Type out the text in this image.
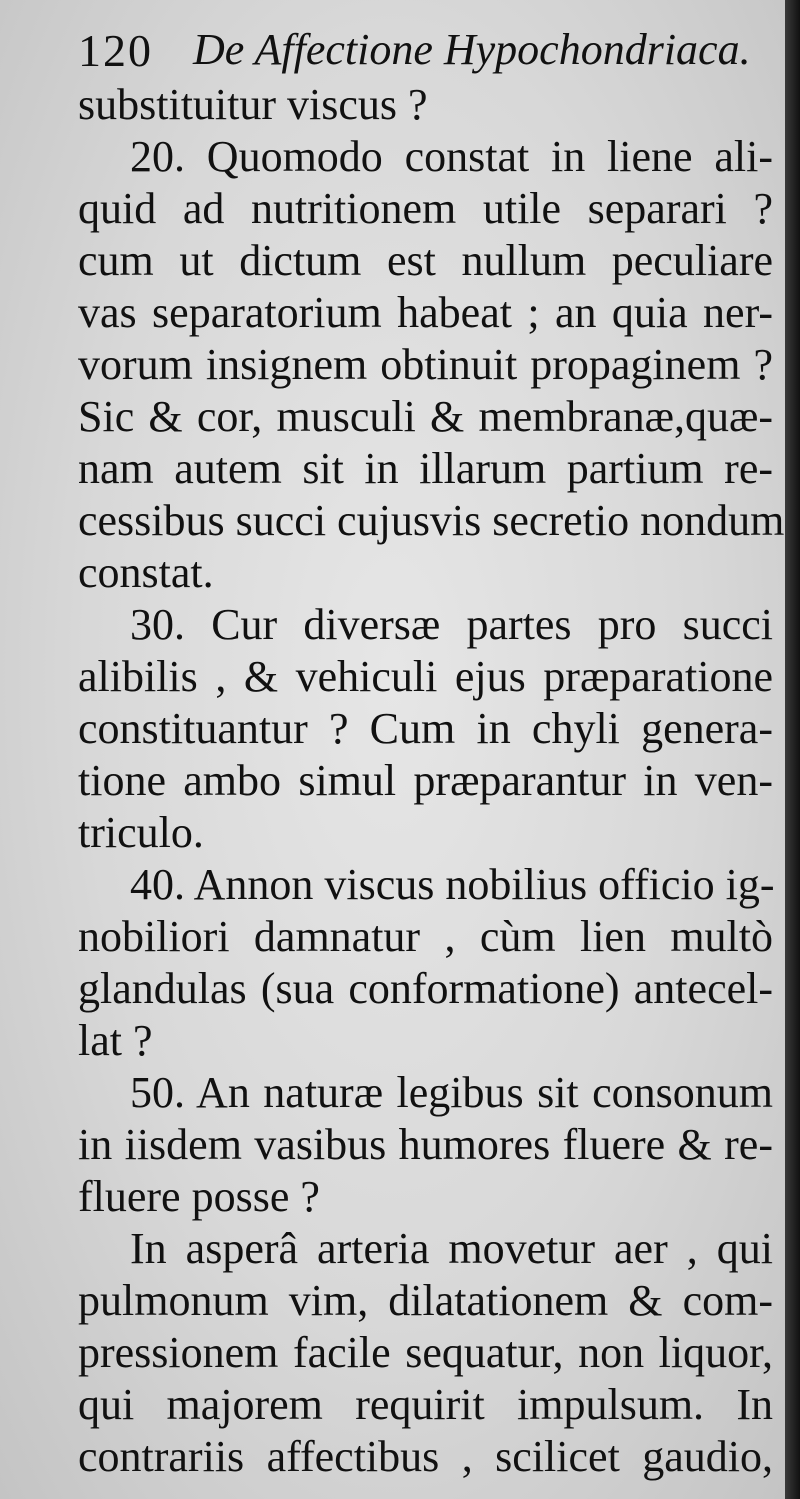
120 De Affectione Hypochondriaca.
substituitur viscus ?
20. Quomodo constat in liene ali-
quid ad nutritionem utile separari ?
cum ut dictum est nullum peculiare
vas separatorium habeat ; an quia ner-
vorum insignem obtinuit propaginem ?
Sic & cor, musculi & membranæ,quæ-
nam autem sit in illarum partium re-
cessibus succi cujusvis secretio nondum
constat.
30. Cur diversæ partes pro succi
alibilis , & vehiculi ejus præparatione
constituantur ? Cum in chyli genera-
tione ambo simul præparantur in ven-
triculo.
40. Annon viscus nobilius officio ig-
nobiliori damnatur , cùm lien multò
glandulas (sua conformatione) antecel-
lat ?
50. An naturæ legibus sit consonum
in iisdem vasibus humores fluere & re-
fluere posse ?
In asperâ arteria movetur aer , qui
pulmonum vim, dilatationem & com-
pressionem facile sequatur, non liquor,
qui majorem requirit impulsum. In
contrariis affectibus , scilicet gaudio,
